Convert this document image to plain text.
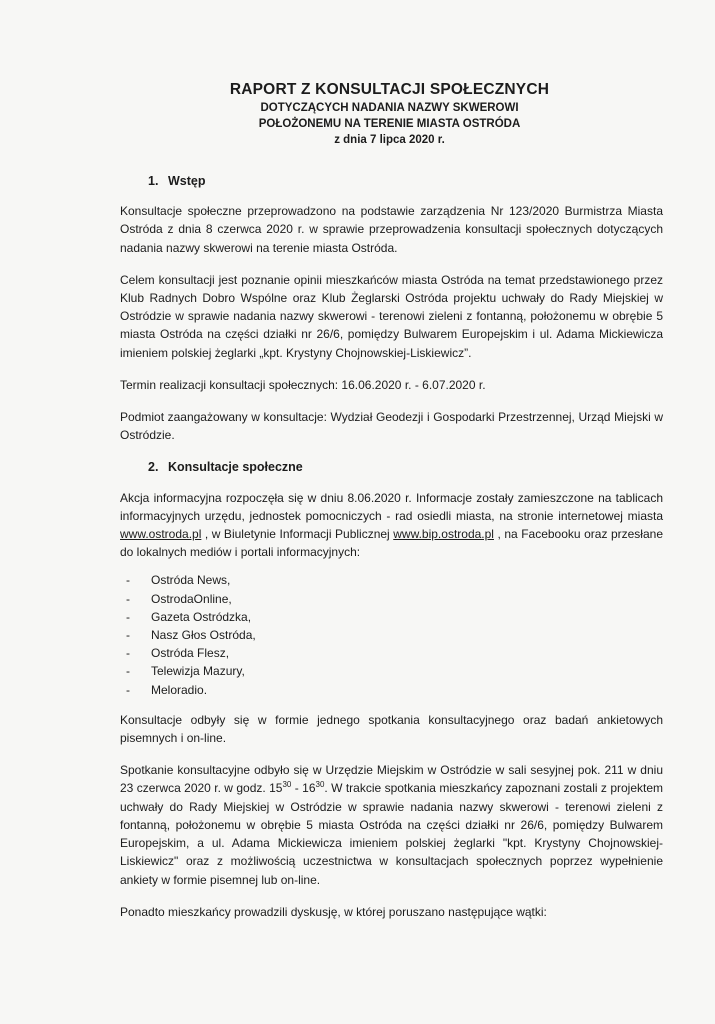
RAPORT Z KONSULTACJI SPOŁECZNYCH
DOTYCZĄCYCH NADANIA NAZWY SKWEROWI
POŁOŻONEMU NA TERENIE MIASTA OSTRÓDA
z dnia 7 lipca 2020 r.
1. Wstęp

Konsultacje społeczne przeprowadzono na podstawie zarządzenia Nr 123/2020 Burmistrza Miasta Ostróda z dnia 8 czerwca 2020 r. w sprawie przeprowadzenia konsultacji społecznych dotyczących nadania nazwy skwerowi na terenie miasta Ostróda.

Celem konsultacji jest poznanie opinii mieszkańców miasta Ostróda na temat przedstawionego przez Klub Radnych Dobro Wspólne oraz Klub Żeglarski Ostróda projektu uchwały do Rady Miejskiej w Ostródzie w sprawie nadania nazwy skwerowi - terenowi zieleni z fontanną, położonemu w obrębie 5 miasta Ostróda na części działki nr 26/6, pomiędzy Bulwarem Europejskim i ul. Adama Mickiewicza imieniem polskiej żeglarki „kpt. Krystyny Chojnowskiej-Liskiewicz”.

Termin realizacji konsultacji społecznych: 16.06.2020 r. - 6.07.2020 r.

Podmiot zaangażowany w konsultacje: Wydział Geodezji i Gospodarki Przestrzennej, Urząd Miejski w Ostródzie.

2. Konsultacje społeczne

Akcja informacyjna rozpoczęła się w dniu 8.06.2020 r. Informacje zostały zamieszczone na tablicach informacyjnych urzędu, jednostek pomocniczych - rad osiedli miasta, na stronie internetowej miasta www.ostroda.pl , w Biuletynie Informacji Publicznej www.bip.ostroda.pl , na Facebooku oraz przesłane do lokalnych mediów i portali informacyjnych:

- Ostróda News,
- OstrodaOnline,
- Gazeta Ostródzka,
- Nasz Głos Ostróda,
- Ostróda Flesz,
- Telewizja Mazury,
- Meloradio.

Konsultacje odbyły się w formie jednego spotkania konsultacyjnego oraz badań ankietowych pisemnych i on-line.

Spotkanie konsultacyjne odbyło się w Urzędzie Miejskim w Ostródzie w sali sesyjnej pok. 211 w dniu 23 czerwca 2020 r. w godz. $15^{30} - 16^{30}$. W trakcie spotkania mieszkańcy zapoznani zostali z projektem uchwały do Rady Miejskiej w Ostródzie w sprawie nadania nazwy skwerowi - terenowi zieleni z fontanną, położonemu w obrębie 5 miasta Ostróda na części działki nr 26/6, pomiędzy Bulwarem Europejskim, a ul. Adama Mickiewicza imieniem polskiej żeglarki "kpt. Krystyny Chojnowskiej-Liskiewicz" oraz z możliwością uczestnictwa w konsultacjach społecznych poprzez wypełnienie ankiety w formie pisemnej lub on-line.

Ponadto mieszkańcy prowadzili dyskusję, w której poruszano następujące wątki:
